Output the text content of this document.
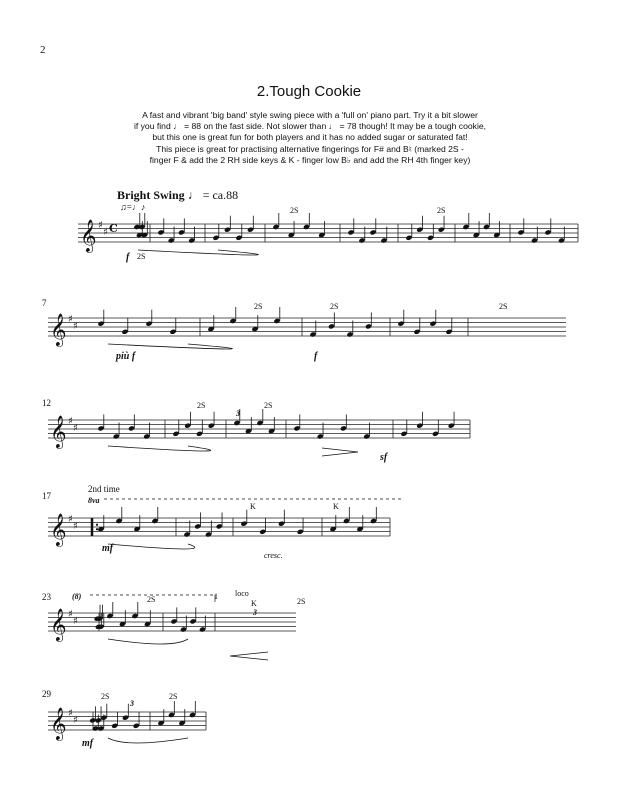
2
2.Tough Cookie
A fast and vibrant 'big band' style swing piece with a 'full on' piano part. Try it a bit slower
if you find ♩ = 88 on the fast side. Not slower than ♩ = 78 though! It may be a tough cookie,
but this one is great fun for both players and it has no added sugar or saturated fat!
This piece is great for practising alternative fingerings for F# and B♮ (marked 2S -
finger F & add the 2 RH side keys & K - finger low B♭ and add the RH 4th finger key)
Bright Swing ♩ = ca.88
♫=♩♪	2S	2S
2S
f
7	2S	2S	2S
più f	f
12	2S	2S
3
sf
17
2nd time
8va
K	K
mf
cresc.
23	(8)	2S	1 loco
K
3
2S
29	2S
3
2S
mf
𝄞 ♯
♯ C
𝄞 ♯
♯
𝄞 ♯
♯
𝄞 ♯
♯
𝄞 ♯
♯
𝄞 ♯
♯
